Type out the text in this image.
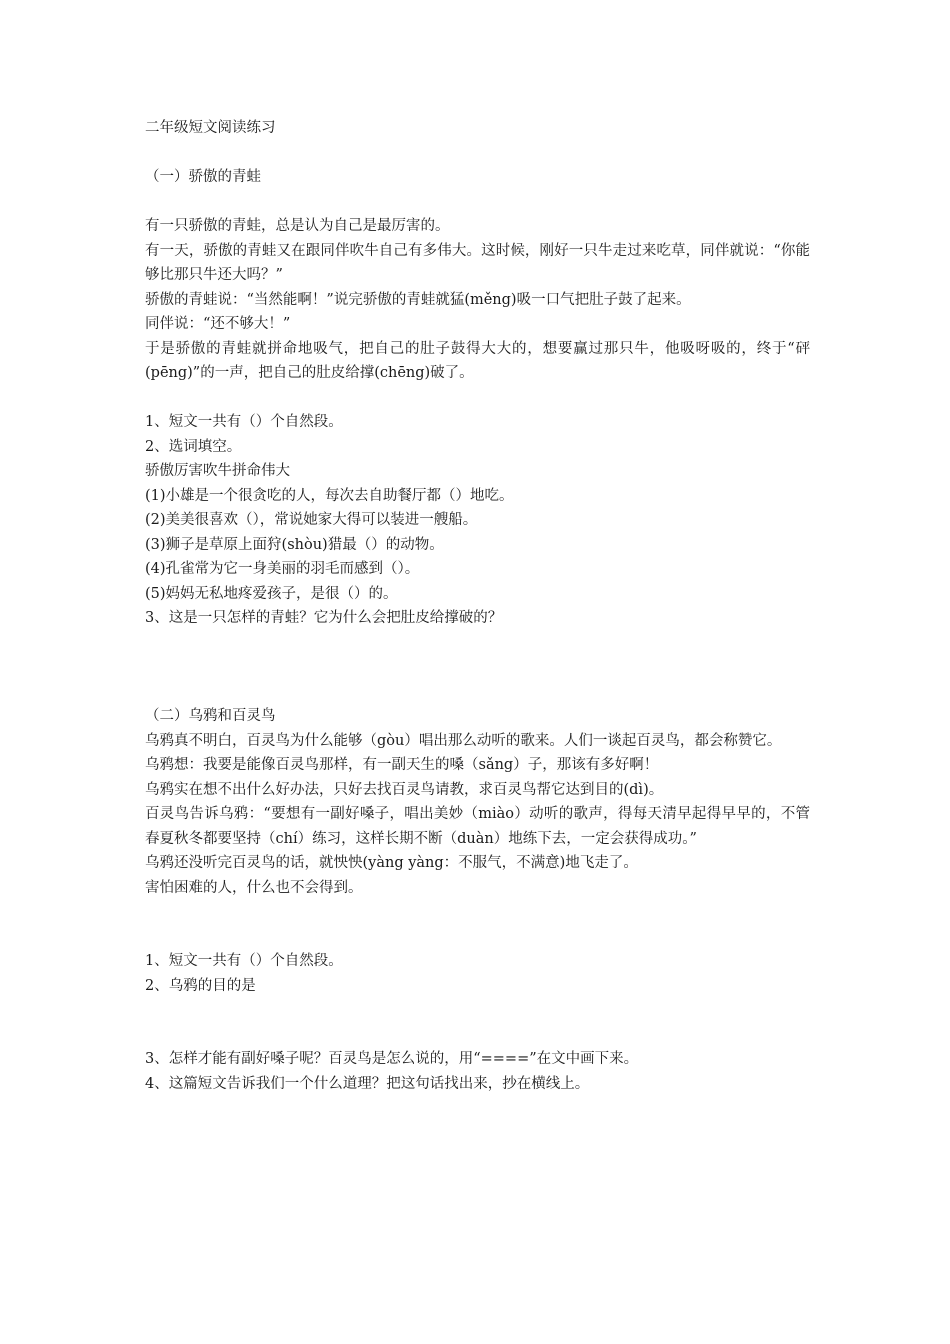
二年级短文阅读练习
（一）骄傲的青蛙
有一只骄傲的青蛙，总是认为自己是最厉害的。
有一天，骄傲的青蛙又在跟同伴吹牛自己有多伟大。这时候，刚好一只牛走过来吃草，同伴就说：“你能够比那只牛还大吗？”
骄傲的青蛙说：“当然能啊！”说完骄傲的青蛙就猛(měng)吸一口气把肚子鼓了起来。
同伴说：“还不够大！”
于是骄傲的青蛙就拼命地吸气，把自己的肚子鼓得大大的，想要赢过那只牛，他吸呀吸的，终于“砰(pēng)”的一声，把自己的肚皮给撑(chēng)破了。
1、短文一共有（）个自然段。
2、选词填空。
骄傲厉害吹牛拼命伟大
(1)小雄是一个很贪吃的人，每次去自助餐厅都（）地吃。
(2)美美很喜欢（），常说她家大得可以装进一艘船。
(3)狮子是草原上面狩(shòu)猎最（）的动物。
(4)孔雀常为它一身美丽的羽毛而感到（）。
(5)妈妈无私地疼爱孩子，是很（）的。
3、这是一只怎样的青蛙？它为什么会把肚皮给撑破的？
（二）乌鸦和百灵鸟
乌鸦真不明白，百灵鸟为什么能够（gòu）唱出那么动听的歌来。人们一谈起百灵鸟，都会称赞它。
乌鸦想：我要是能像百灵鸟那样，有一副天生的嗓（sǎng）子，那该有多好啊！
乌鸦实在想不出什么好办法，只好去找百灵鸟请教，求百灵鸟帮它达到目的(dì)。
百灵鸟告诉乌鸦：“要想有一副好嗓子，唱出美妙（miào）动听的歌声，得每天清早起得早早的，不管春夏秋冬都要坚持（chí）练习，这样长期不断（duàn）地练下去，一定会获得成功。”
乌鸦还没听完百灵鸟的话，就怏怏(yàng yàng：不服气，不满意)地飞走了。
害怕困难的人，什么也不会得到。
1、短文一共有（）个自然段。
2、乌鸦的目的是
3、怎样才能有副好嗓子呢？百灵鸟是怎么说的，用“====”在文中画下来。
4、这篇短文告诉我们一个什么道理？把这句话找出来，抄在横线上。
